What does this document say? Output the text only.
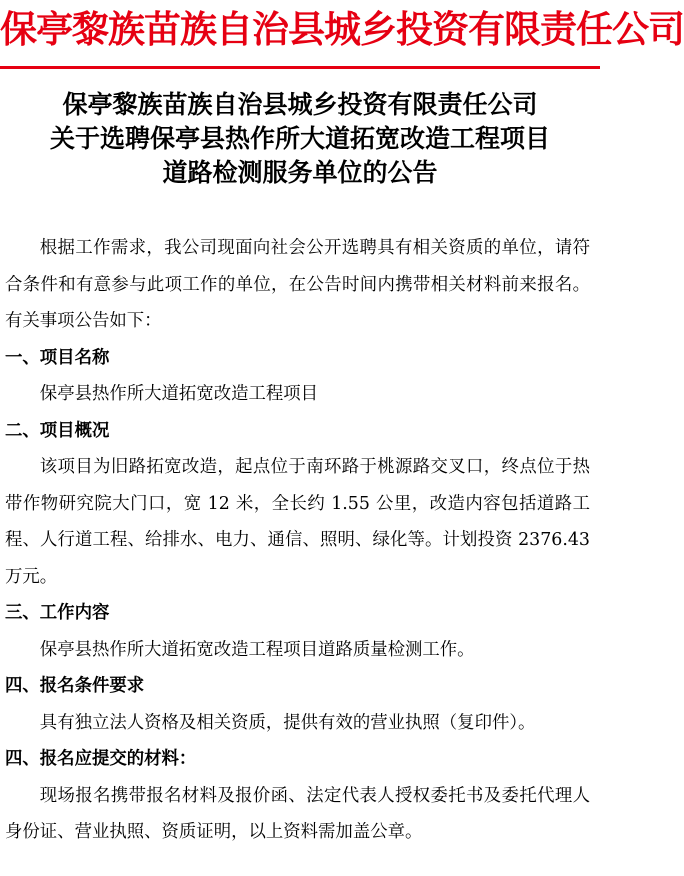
保亭黎族苗族自治县城乡投资有限责任公司
保亭黎族苗族自治县城乡投资有限责任公司
关于选聘保亭县热作所大道拓宽改造工程项目
道路检测服务单位的公告

根据工作需求，我公司现面向社会公开选聘具有相关资质的单位，请符合条件和有意参与此项工作的单位，在公告时间内携带相关材料前来报名。有关事项公告如下：

一、项目名称

保亭县热作所大道拓宽改造工程项目

二、项目概况

该项目为旧路拓宽改造，起点位于南环路于桃源路交叉口，终点位于热带作物研究院大门口，宽 12 米，全长约 1.55 公里，改造内容包括道路工程、人行道工程、给排水、电力、通信、照明、绿化等。计划投资 2376.43 万元。

三、工作内容

保亭县热作所大道拓宽改造工程项目道路质量检测工作。

四、报名条件要求

具有独立法人资格及相关资质，提供有效的营业执照（复印件）。

四、报名应提交的材料：

现场报名携带报名材料及报价函、法定代表人授权委托书及委托代理人身份证、营业执照、资质证明，以上资料需加盖公章。
